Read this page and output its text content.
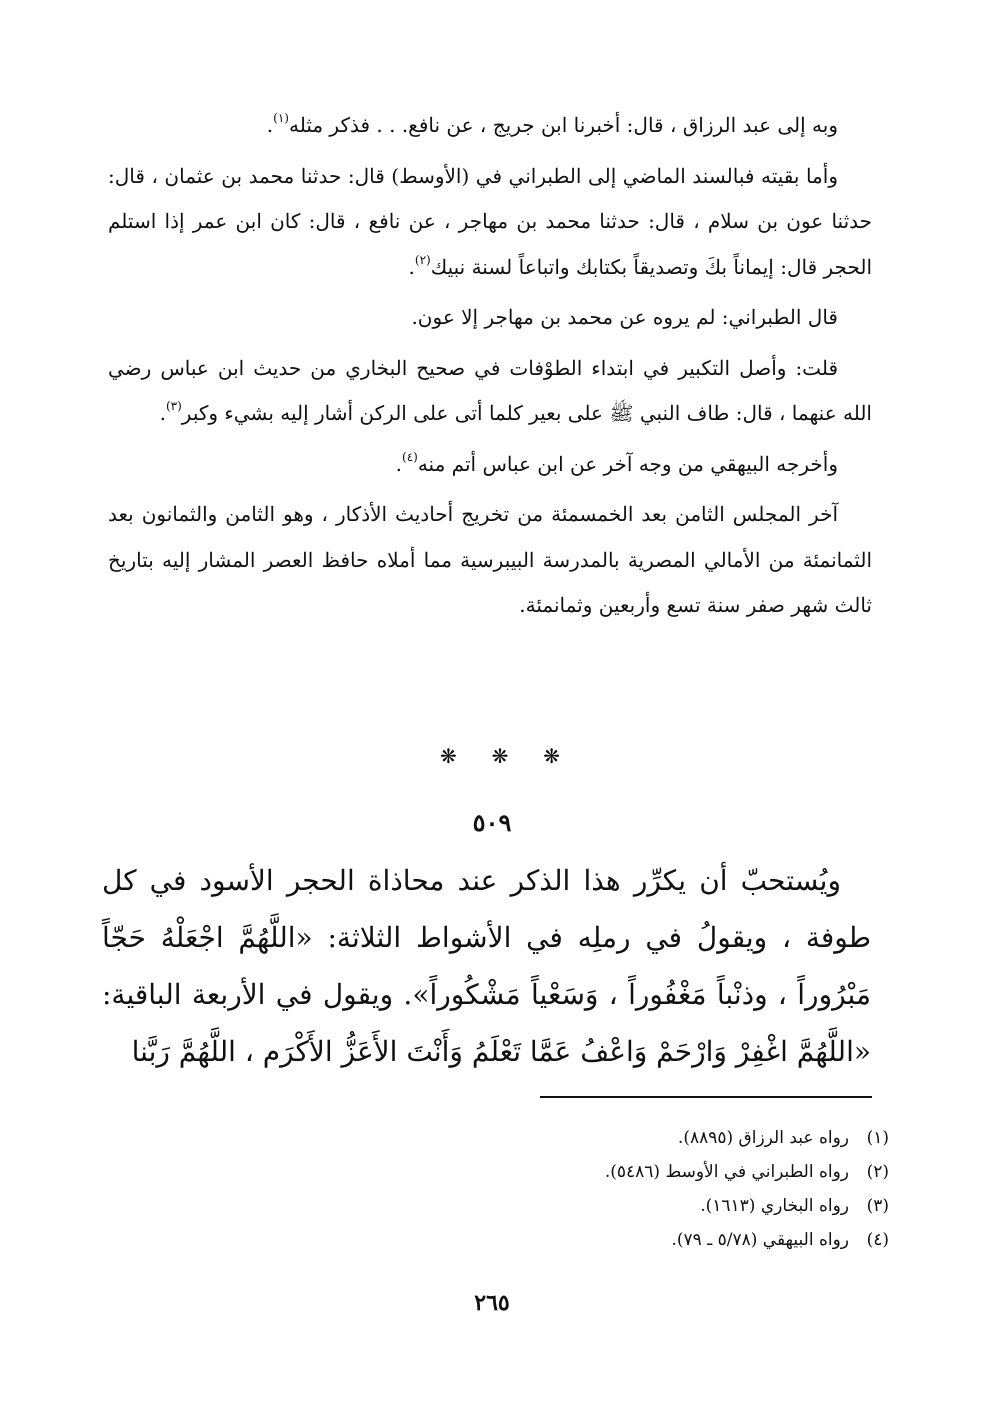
وبه إلى عبد الرزاق ، قال: أخبرنا ابن جريج ، عن نافع. . . فذكر مثله$^{(١)}$.

وأما بقيته فبالسند الماضي إلى الطبراني في (الأوسط) قال: حدثنا محمد بن عثمان ، قال: حدثنا عون بن سلام ، قال: حدثنا محمد بن مهاجر ، عن نافع ، قال: كان ابن عمر إذا استلم الحجر قال: إيماناً بكَ وتصديقاً بكتابك واتباعاً لسنة نبيك$^{(٢)}$.

قال الطبراني: لم يروه عن محمد بن مهاجر إلا عون.

قلت: وأصل التكبير في ابتداء الطوْفات في صحيح البخاري من حديث ابن عباس رضي الله عنهما ، قال: طاف النبي ﷺ على بعير كلما أتى على الركن أشار إليه بشيء وكبر$^{(٣)}$.

وأخرجه البيهقي من وجه آخر عن ابن عباس أتم منه$^{(٤)}$.

آخر المجلس الثامن بعد الخمسمئة من تخريج أحاديث الأذكار ، وهو الثامن والثمانون بعد الثمانمئة من الأمالي المصرية بالمدرسة البيبرسية مما أملاه حافظ العصر المشار إليه بتاريخ ثالث شهر صفر سنة تسع وأربعين وثمانمئة.

❋ ❋ ❋
٥٠٩

ويُستحبّ أن يكرِّر هذا الذكر عند محاذاة الحجر الأسود في كل طوفة ، ويقولُ في رملِه في الأشواط الثلاثة: «اللَّهُمَّ اجْعَلْهُ حَجّاً مَبْرُوراً ، وذنْباً مَغْفُوراً ، وَسَعْياً مَشْكُوراً». ويقول في الأربعة الباقية: «اللَّهُمَّ اغْفِرْ وَارْحَمْ وَاعْفُ عَمَّا تَعْلَمُ وَأَنْتَ الأَعَزُّ الأَكْرَم ، اللَّهُمَّ رَبَّنا

(١)رواه عبد الرزاق (٨٨٩٥).
(٢)رواه الطبراني في الأوسط (٥٤٨٦).
(٣)رواه البخاري (١٦١٣).
(٤)رواه البيهقي (٥/٧٨ ـ ٧٩).
٢٦٥
